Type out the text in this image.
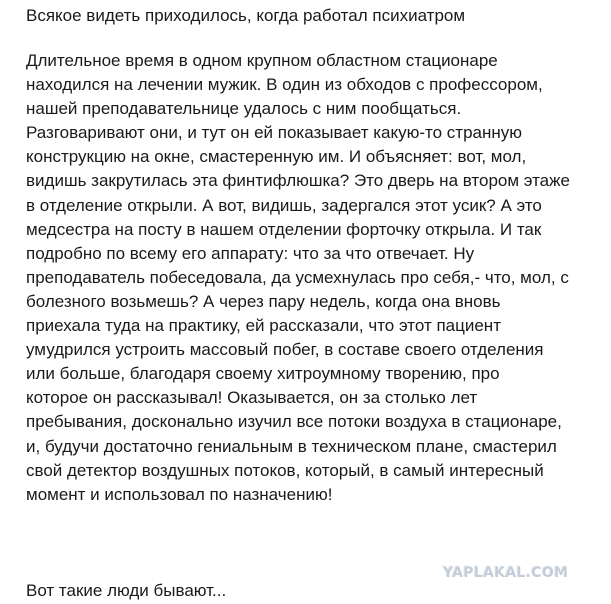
Всякое видеть приходилось, когда работал психиатром
Длительное время в одном крупном областном стационаре
находился на лечении мужик. В один из обходов с профессором,
нашей преподавательнице удалось с ним пообщаться.
Разговаривают они, и тут он ей показывает какую-то странную
конструкцию на окне, смастеренную им. И объясняет: вот, мол,
видишь закрутилась эта финтифлюшка? Это дверь на втором этаже
в отделение открыли. А вот, видишь, задергался этот усик? А это
медсестра на посту в нашем отделении форточку открыла. И так
подробно по всему его аппарату: что за что отвечает. Ну
преподаватель побеседовала, да усмехнулась про себя,- что, мол, с
болезного возьмешь? А через пару недель, когда она вновь
приехала туда на практику, ей рассказали, что этот пациент
умудрился устроить массовый побег, в составе своего отделения
или больше, благодаря своему хитроумному творению, про
которое он рассказывал! Оказывается, он за столько лет
пребывания, досконально изучил все потоки воздуха в стационаре,
и, будучи достаточно гениальным в техническом плане, смастерил
свой детектор воздушных потоков, который, в самый интересный
момент и использовал по назначению!
YAPLAKAL.COM
Вот такие люди бывают...
